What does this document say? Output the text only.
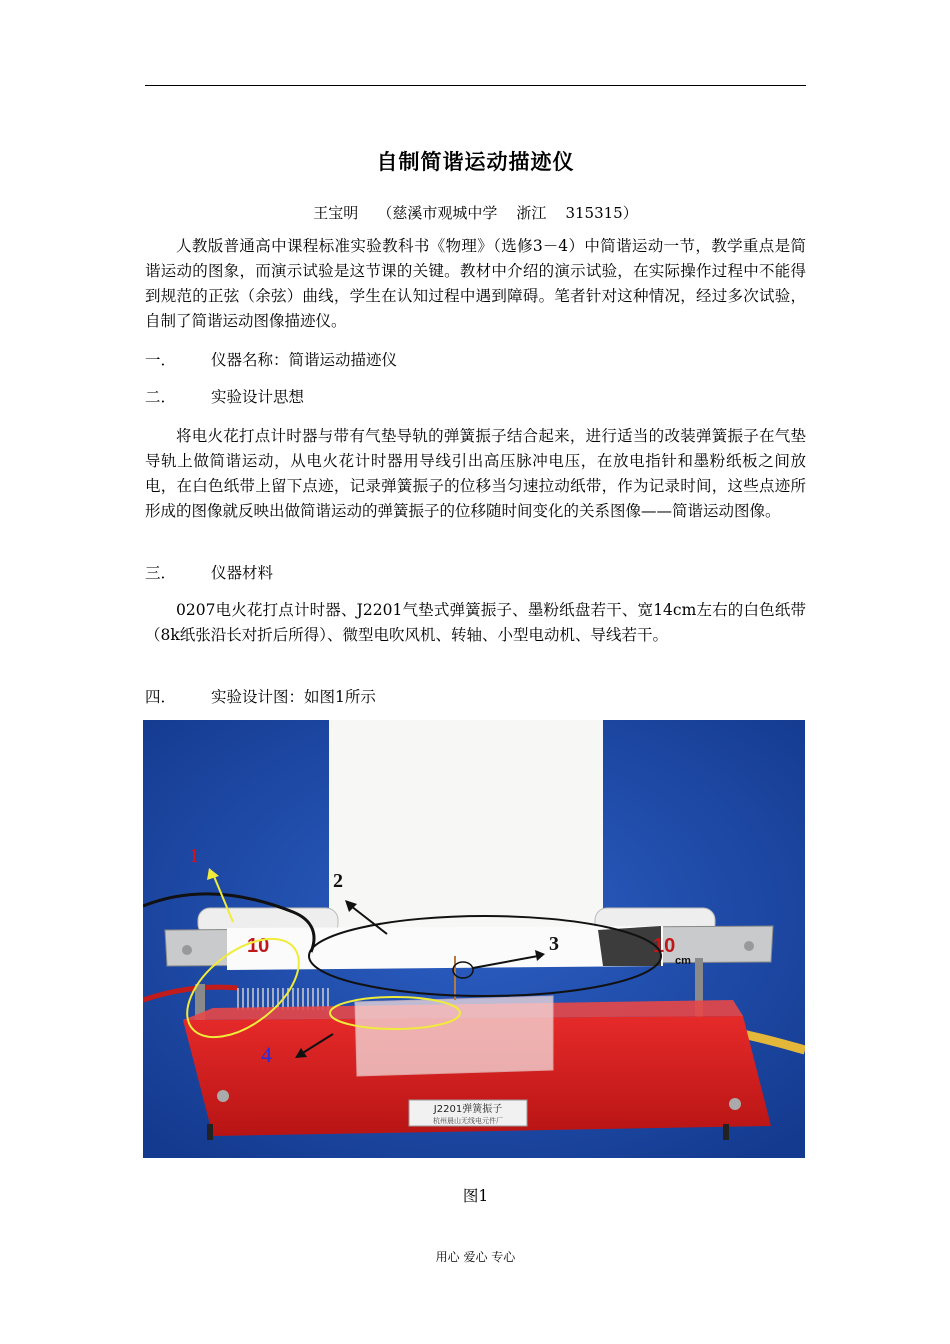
自制简谐运动描迹仪
王宝明    （慈溪市观城中学    浙江    315315）

人教版普通高中课程标准实验教科书《物理》（选修3－4）中简谐运动一节，教学重点是简谐运动的图象，而演示试验是这节课的关键。教材中介绍的演示试验，在实际操作过程中不能得到规范的正弦（余弦）曲线，学生在认知过程中遇到障碍。笔者针对这种情况，经过多次试验，自制了简谐运动图像描迹仪。

一． 仪器名称：简谐运动描迹仪
二． 实验设计思想

将电火花打点计时器与带有气垫导轨的弹簧振子结合起来，进行适当的改装弹簧振子在气垫导轨上做简谐运动，从电火花计时器用导线引出高压脉冲电压，在放电指针和墨粉纸板之间放电，在白色纸带上留下点迹，记录弹簧振子的位移当匀速拉动纸带，作为记录时间，这些点迹所形成的图像就反映出做简谐运动的弹簧振子的位移随时间变化的关系图像——简谐运动图像。

三． 仪器材料

0207电火花打点计时器、J2201气垫式弹簧振子、墨粉纸盘若干、宽14cm左右的白色纸带（8k纸张沿长对折后所得）、微型电吹风机、转轴、小型电动机、导线若干。

四． 实验设计图：如图1所示
10	10
cm
J2201弹簧振子
杭州晨山无线电元件厂
1
2
3
4
图1
用心 爱心 专心
